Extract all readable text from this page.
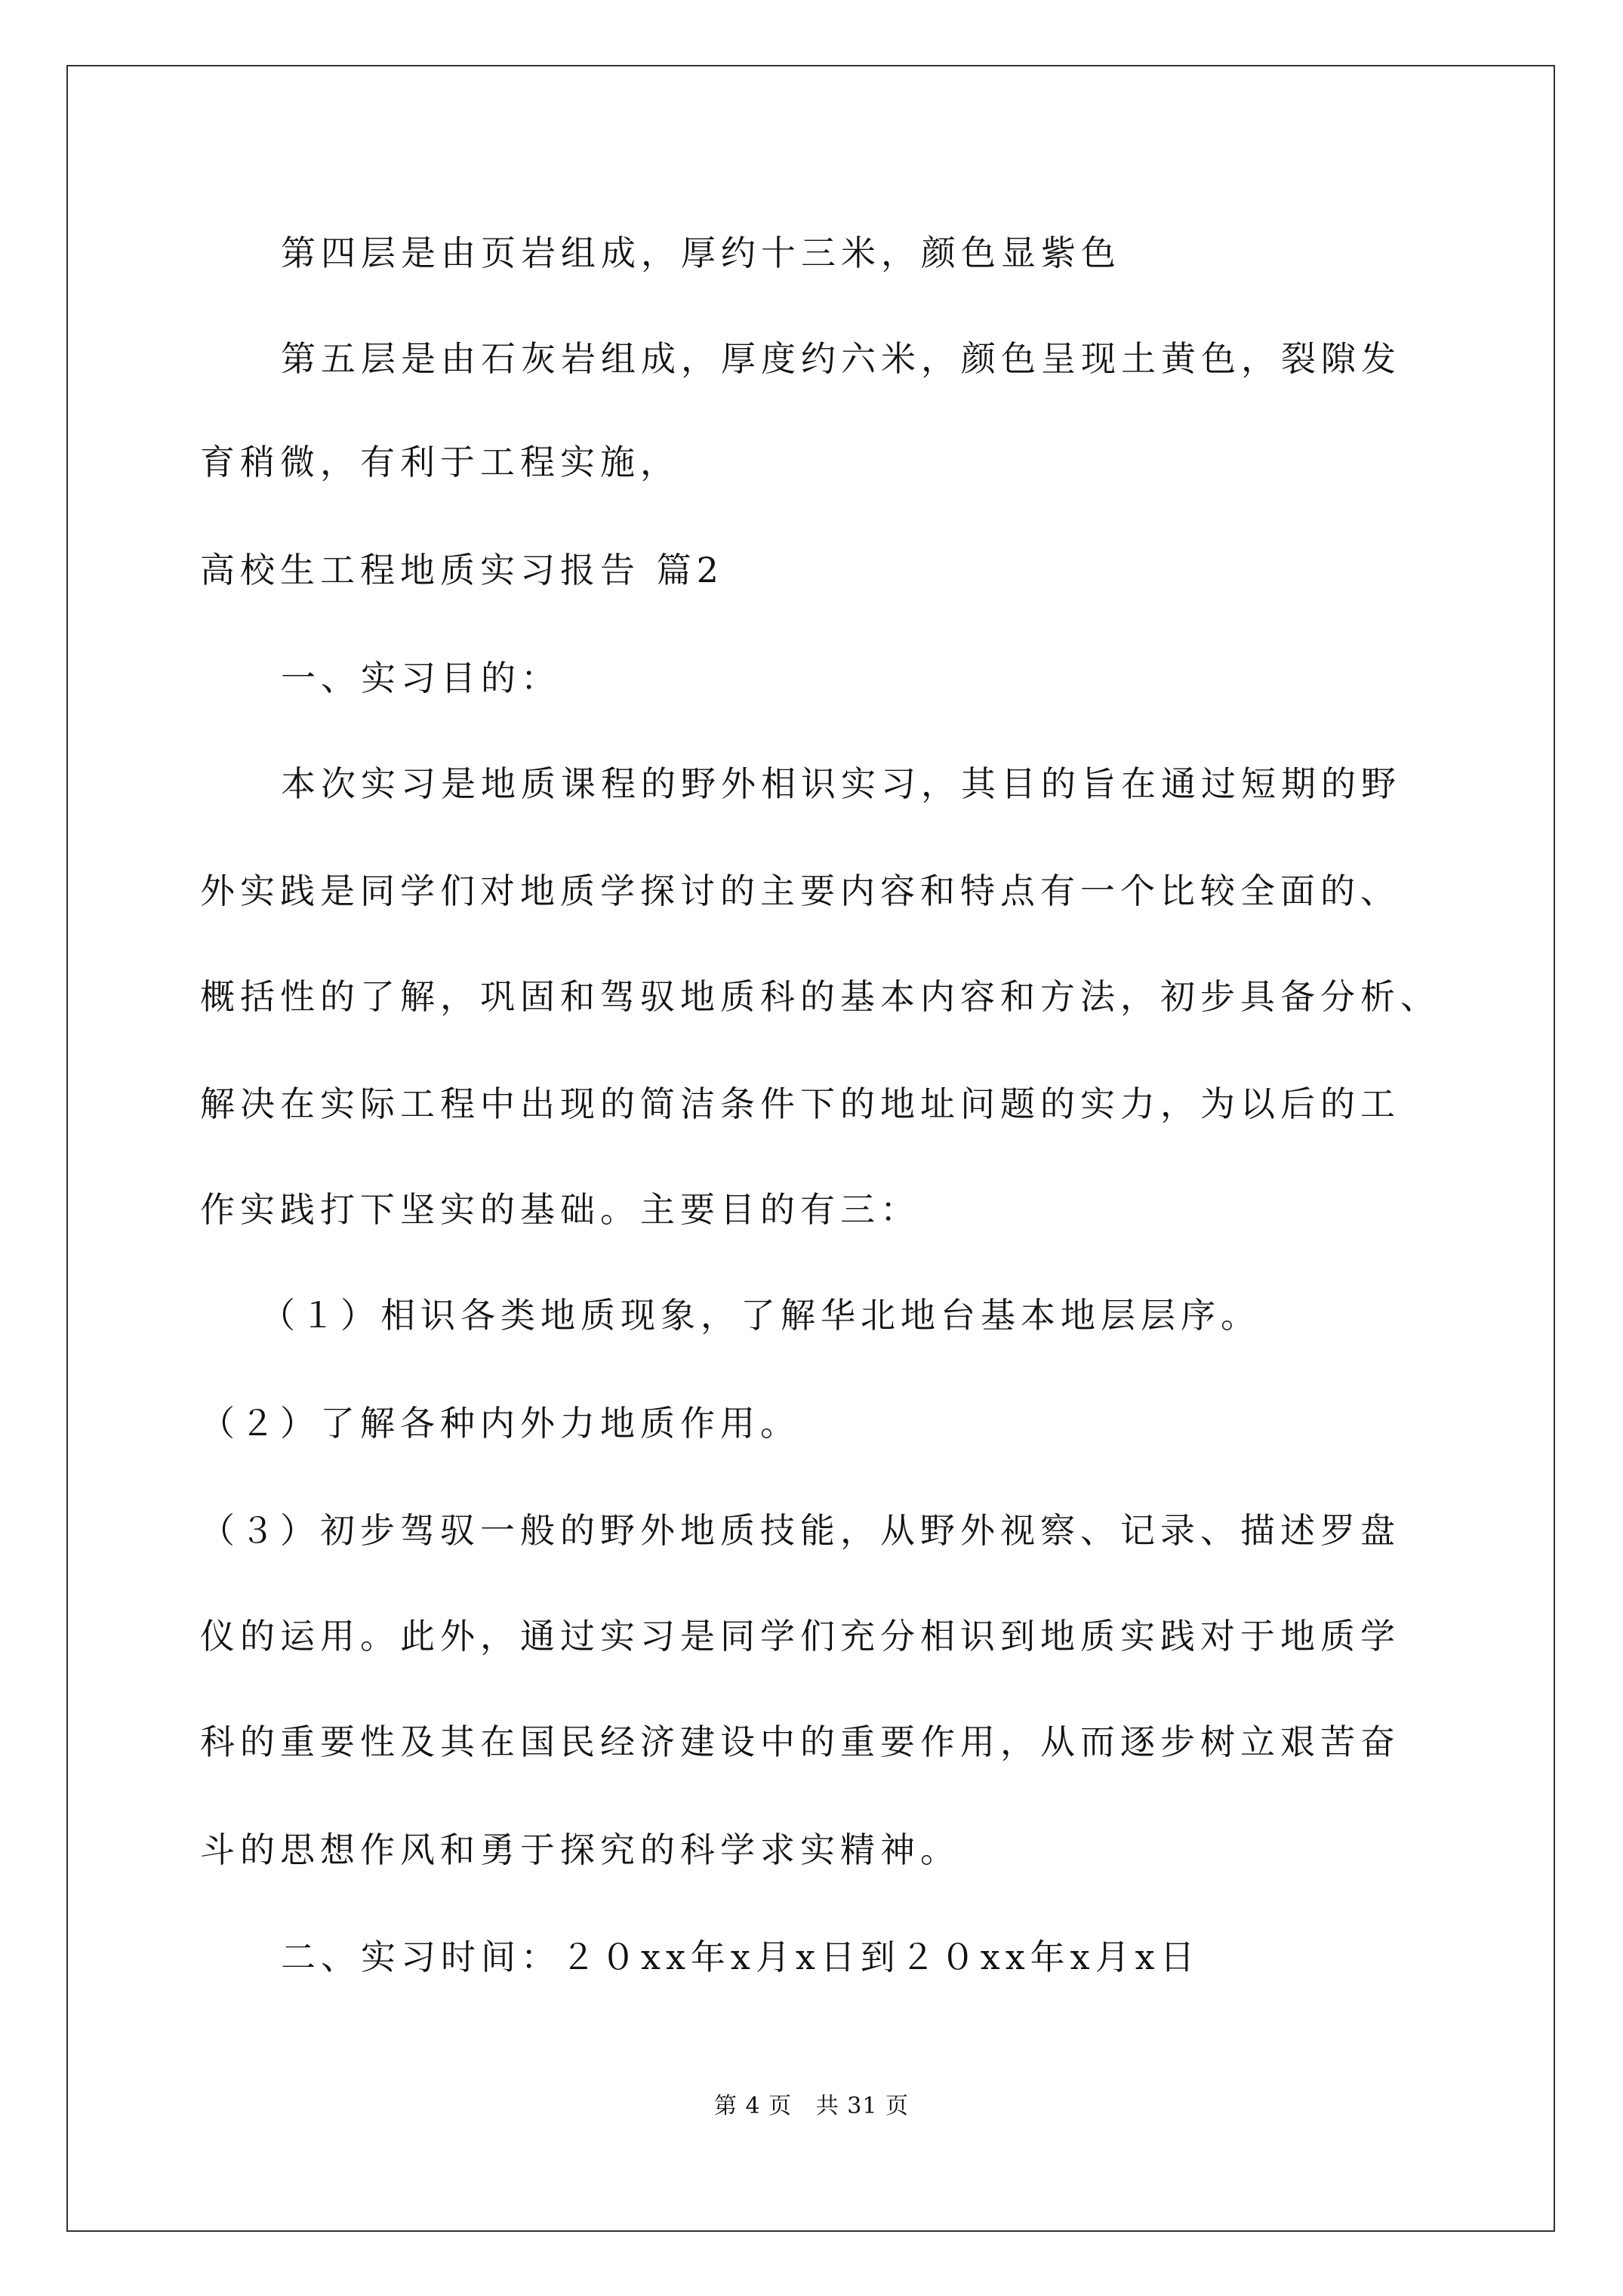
第四层是由页岩组成，厚约十三米，颜色显紫色
第五层是由石灰岩组成，厚度约六米，颜色呈现土黄色，裂隙发
育稍微，有利于工程实施，
高校生工程地质实习报告 篇2
一、实习目的：
本次实习是地质课程的野外相识实习，其目的旨在通过短期的野
外实践是同学们对地质学探讨的主要内容和特点有一个比较全面的、
概括性的了解，巩固和驾驭地质科的基本内容和方法，初步具备分析、
解决在实际工程中出现的简洁条件下的地址问题的实力，为以后的工
作实践打下坚实的基础。主要目的有三：
（１）相识各类地质现象，了解华北地台基本地层层序。
（２）了解各种内外力地质作用。
（３）初步驾驭一般的野外地质技能，从野外视察、记录、描述罗盘
仪的运用。此外，通过实习是同学们充分相识到地质实践对于地质学
科的重要性及其在国民经济建设中的重要作用，从而逐步树立艰苦奋
斗的思想作风和勇于探究的科学求实精神。
二、实习时间：２０xx年x月x日到２０xx年x月x日
第 4 页   共 31 页
